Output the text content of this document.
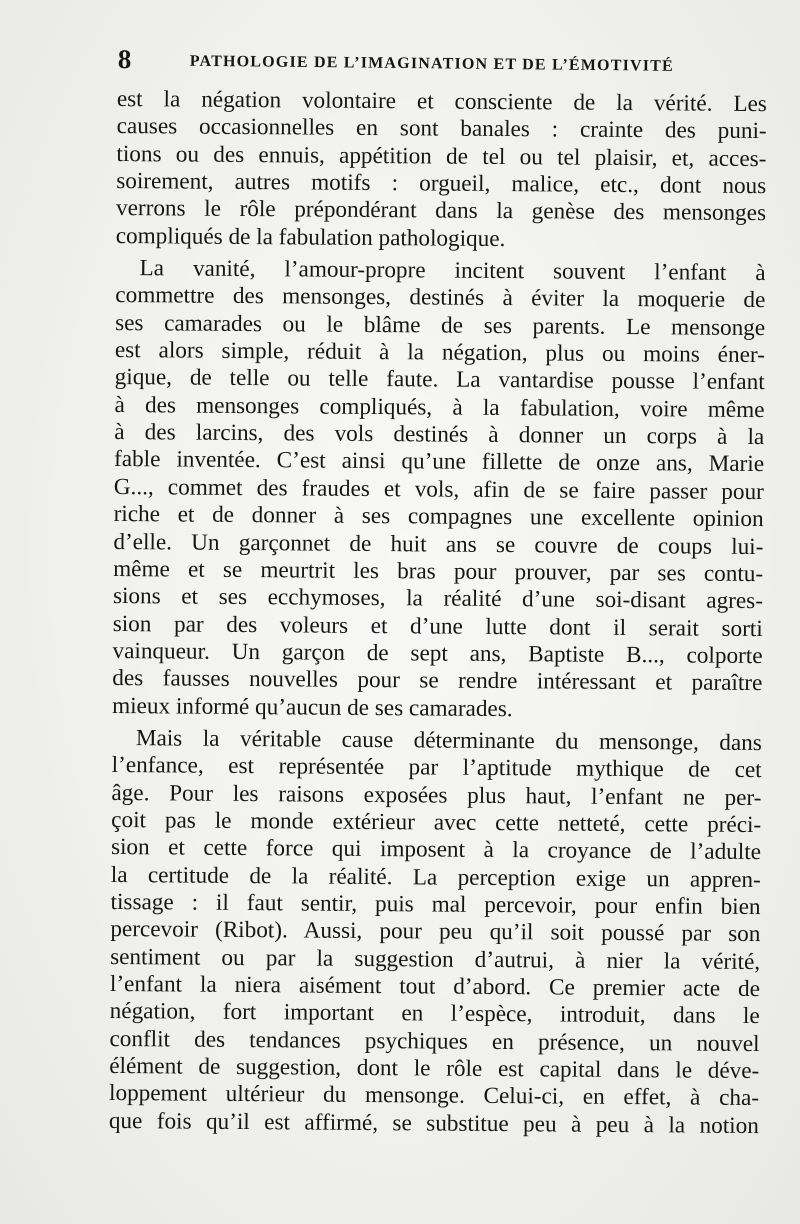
8	PATHOLOGIE DE L’IMAGINATION ET DE L’ÉMOTIVITÉ
est la négation volontaire et consciente de la vérité. Les
causes occasionnelles en sont banales : crainte des puni-
tions ou des ennuis, appétition de tel ou tel plaisir, et, acces-
soirement, autres motifs : orgueil, malice, etc., dont nous
verrons le rôle prépondérant dans la genèse des mensonges
compliqués de la fabulation pathologique.
La vanité, l’amour-propre incitent souvent l’enfant à
commettre des mensonges, destinés à éviter la moquerie de
ses camarades ou le blâme de ses parents. Le mensonge
est alors simple, réduit à la négation, plus ou moins éner-
gique, de telle ou telle faute. La vantardise pousse l’enfant
à des mensonges compliqués, à la fabulation, voire même
à des larcins, des vols destinés à donner un corps à la
fable inventée. C’est ainsi qu’une fillette de onze ans, Marie
G..., commet des fraudes et vols, afin de se faire passer pour
riche et de donner à ses compagnes une excellente opinion
d’elle. Un garçonnet de huit ans se couvre de coups lui-
même et se meurtrit les bras pour prouver, par ses contu-
sions et ses ecchymoses, la réalité d’une soi-disant agres-
sion par des voleurs et d’une lutte dont il serait sorti
vainqueur. Un garçon de sept ans, Baptiste B..., colporte
des fausses nouvelles pour se rendre intéressant et paraître
mieux informé qu’aucun de ses camarades.
Mais la véritable cause déterminante du mensonge, dans
l’enfance, est représentée par l’aptitude mythique de cet
âge. Pour les raisons exposées plus haut, l’enfant ne per-
çoit pas le monde extérieur avec cette netteté, cette préci-
sion et cette force qui imposent à la croyance de l’adulte
la certitude de la réalité. La perception exige un appren-
tissage : il faut sentir, puis mal percevoir, pour enfin bien
percevoir (Ribot). Aussi, pour peu qu’il soit poussé par son
sentiment ou par la suggestion d’autrui, à nier la vérité,
l’enfant la niera aisément tout d’abord. Ce premier acte de
négation, fort important en l’espèce, introduit, dans le
conflit des tendances psychiques en présence, un nouvel
élément de suggestion, dont le rôle est capital dans le déve-
loppement ultérieur du mensonge. Celui-ci, en effet, à cha-
que fois qu’il est affirmé, se substitue peu à peu à la notion
